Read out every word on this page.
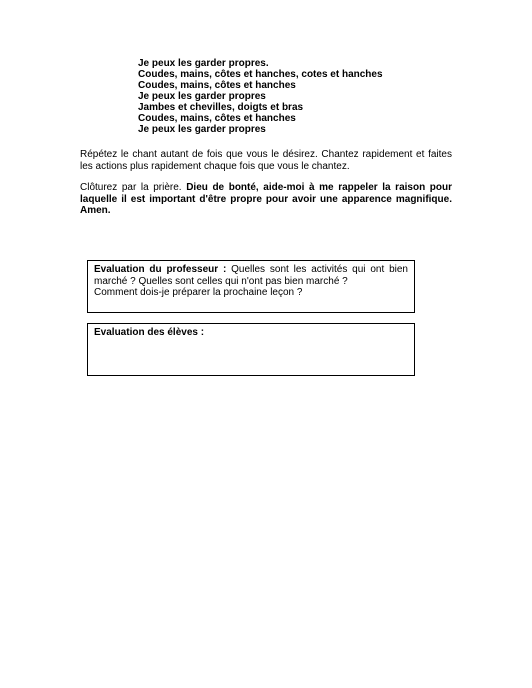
Je peux les garder propres.
Coudes, mains, côtes et hanches, cotes et hanches
Coudes, mains, côtes et hanches
Je peux les garder propres
Jambes et chevilles, doigts et bras
Coudes, mains, côtes et hanches
Je peux les garder propres

Répétez le chant autant de fois que vous le désirez. Chantez rapidement et faites les actions plus rapidement chaque fois que vous le chantez.

Clôturez par la prière. Dieu de bonté, aide-moi à me rappeler la raison pour laquelle il est important d'être propre pour avoir une apparence magnifique. Amen.

Evaluation du professeur : Quelles sont les activités qui ont bien marché ? Quelles sont celles qui n'ont pas bien marché ?
Comment dois-je préparer la prochaine leçon ?
Evaluation des élèves :
